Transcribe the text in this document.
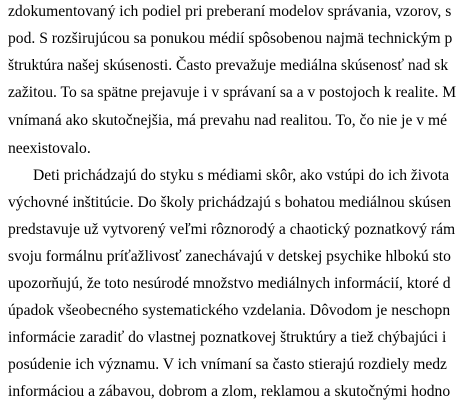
zdokumentovaný ich podiel pri preberaní modelov správania, vzorov, s
pod. S rozširujúcou sa ponukou médií spôsobenou najmä technickým p
štruktúra našej skúsenosti. Často prevažuje mediálna skúsenosť nad sk
zažitou. To sa spätne prejavuje i v správaní sa a v postojoch k realite. M
vnímaná ako skutočnejšia, má prevahu nad realitou. To, čo nie je v mé
neexistovalo.
Deti prichádzajú do styku s médiami skôr, ako vstúpi do ich života
výchovné inštitúcie. Do školy prichádzajú s bohatou mediálnou skúsen
predstavuje už vytvorený veľmi rôznorodý a chaotický poznatkový rám
svoju formálnu príťažlivosť zanechávajú v detskej psychike hlbokú sto
upozorňujú, že toto nesúrodé množstvo mediálnych informácií, ktoré d
úpadok všeobecného systematického vzdelania. Dôvodom je neschopn
informácie zaradiť do vlastnej poznatkovej štruktúry a tiež chýbajúci i
posúdenie ich významu. V ich vnímaní sa často stierajú rozdiely medz
informáciou a zábavou, dobrom a zlom, reklamou a skutočnými hodno
